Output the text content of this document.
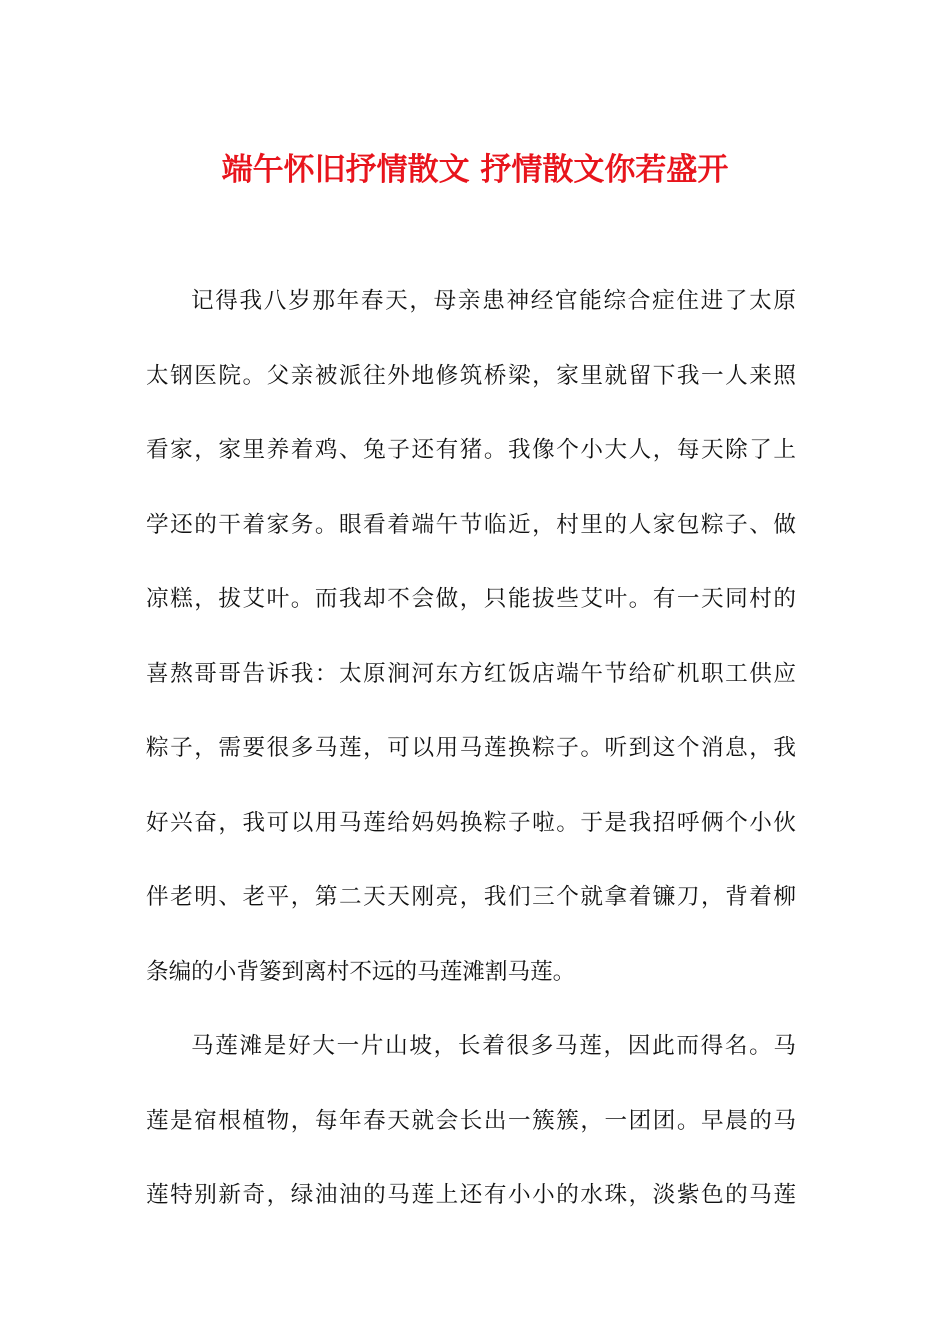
端午怀旧抒情散文 抒情散文你若盛开
记得我八岁那年春天，母亲患神经官能综合症住进了太原
太钢医院。父亲被派往外地修筑桥梁，家里就留下我一人来照
看家，家里养着鸡、兔子还有猪。我像个小大人，每天除了上
学还的干着家务。眼看着端午节临近，村里的人家包粽子、做
凉糕，拔艾叶。而我却不会做，只能拔些艾叶。有一天同村的
喜熬哥哥告诉我：太原涧河东方红饭店端午节给矿机职工供应
粽子，需要很多马莲，可以用马莲换粽子。听到这个消息，我
好兴奋，我可以用马莲给妈妈换粽子啦。于是我招呼俩个小伙
伴老明、老平，第二天天刚亮，我们三个就拿着镰刀，背着柳
条编的小背篓到离村不远的马莲滩割马莲。
马莲滩是好大一片山坡，长着很多马莲，因此而得名。马
莲是宿根植物，每年春天就会长出一簇簇，一团团。早晨的马
莲特别新奇，绿油油的马莲上还有小小的水珠，淡紫色的马莲
